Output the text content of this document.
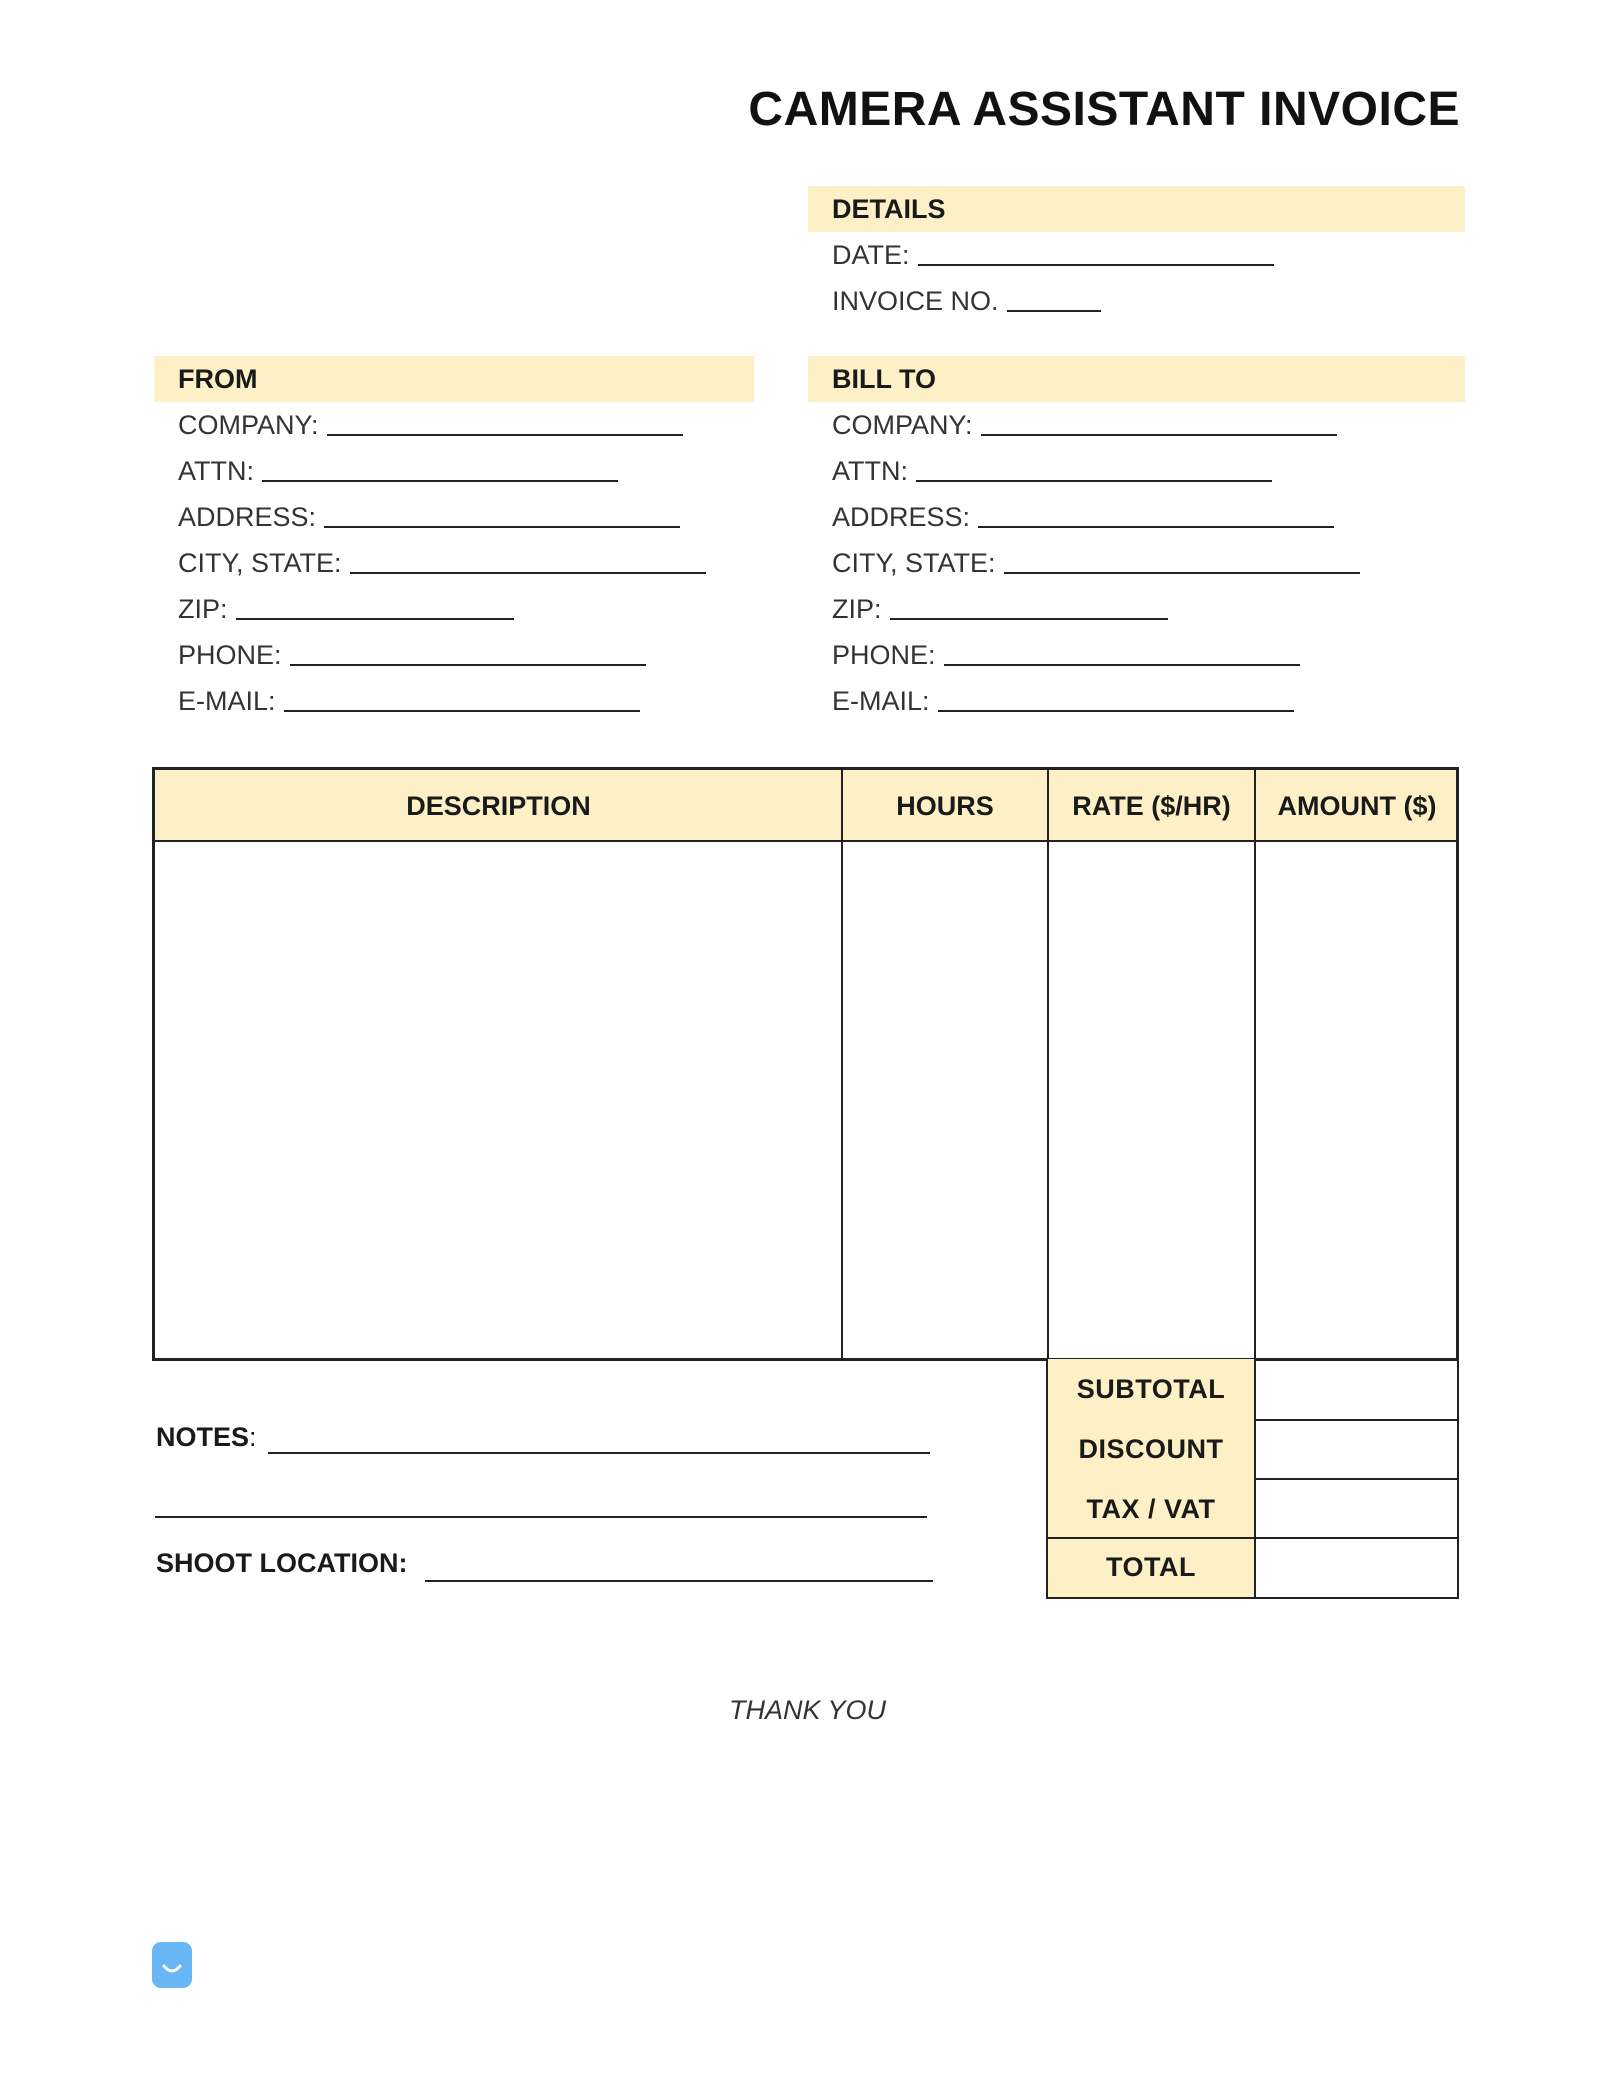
CAMERA ASSISTANT INVOICE
DETAILS
DATE:
INVOICE NO.
FROM
COMPANY:
ATTN:
ADDRESS:
CITY, STATE:
ZIP:
PHONE:
E-MAIL:
BILL TO
COMPANY:
ATTN:
ADDRESS:
CITY, STATE:
ZIP:
PHONE:
E-MAIL:
DESCRIPTION	HOURS	RATE ($/HR)	AMOUNT ($)
SUBTOTAL
DISCOUNT
TAX / VAT
TOTAL
NOTES :
SHOOT LOCATION:
THANK YOU
